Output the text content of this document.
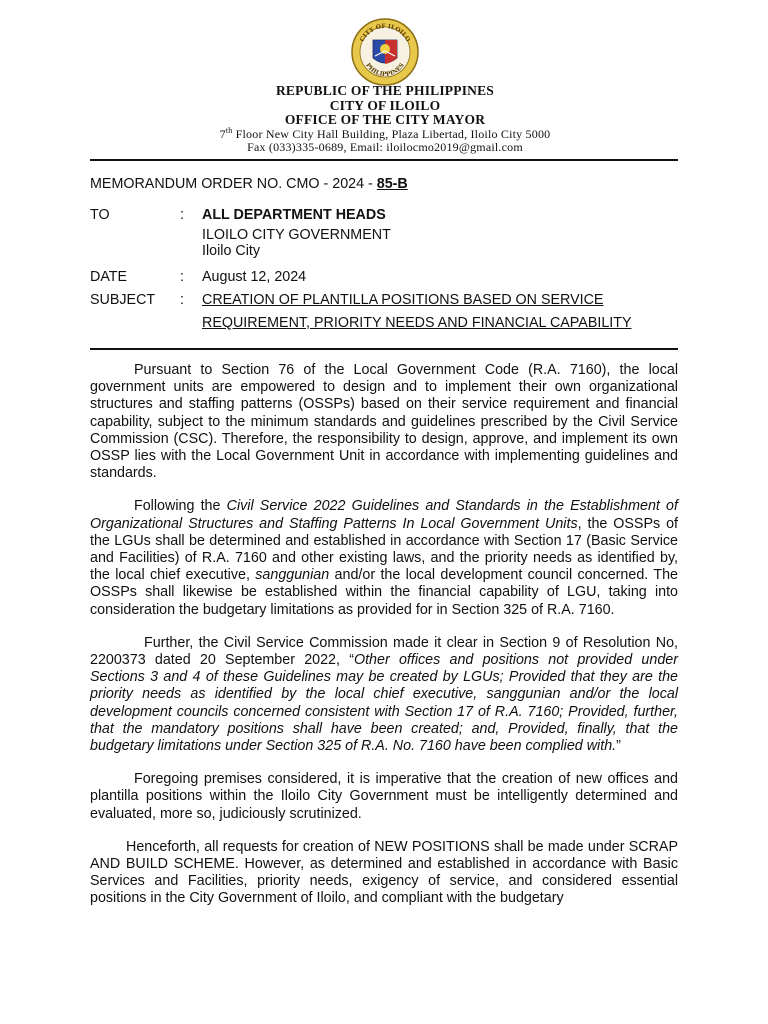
CITY OF ILOILO
PHILIPPINES
REPUBLIC OF THE PHILIPPINES
CITY OF ILOILO
OFFICE OF THE CITY MAYOR
7th Floor New City Hall Building, Plaza Libertad, Iloilo City 5000
Fax (033)335-0689, Email: iloilocmo2019@gmail.com
MEMORANDUM ORDER NO. CMO - 2024 - 85-B
TO	: ALL DEPARTMENT HEADS
ILOILO CITY GOVERNMENT
Iloilo City
DATE	: August 12, 2024
SUBJECT : CREATION OF PLANTILLA POSITIONS BASED ON SERVICE
REQUIREMENT, PRIORITY NEEDS AND FINANCIAL CAPABILITY

Pursuant to Section 76 of the Local Government Code (R.A. 7160), the local government units are empowered to design and to implement their own organizational structures and staffing patterns (OSSPs) based on their service requirement and financial capability, subject to the minimum standards and guidelines prescribed by the Civil Service Commission (CSC). Therefore, the responsibility to design, approve, and implement its own OSSP lies with the Local Government Unit in accordance with implementing guidelines and standards.

Following the Civil Service 2022 Guidelines and Standards in the Establishment of Organizational Structures and Staffing Patterns In Local Government Units, the OSSPs of the LGUs shall be determined and established in accordance with Section 17 (Basic Service and Facilities) of R.A. 7160 and other existing laws, and the priority needs as identified by, the local chief executive, sanggunian and/or the local development council concerned. The OSSPs shall likewise be established within the financial capability of LGU, taking into consideration the budgetary limitations as provided for in Section 325 of R.A. 7160.

Further, the Civil Service Commission made it clear in Section 9 of Resolution No, 2200373 dated 20 September 2022, “Other offices and positions not provided under Sections 3 and 4 of these Guidelines may be created by LGUs; Provided that they are the priority needs as identified by the local chief executive, sanggunian and/or the local development councils concerned consistent with Section 17 of R.A. 7160; Provided, further, that the mandatory positions shall have been created; and, Provided, finally, that the budgetary limitations under Section 325 of R.A. No. 7160 have been complied with.”

Foregoing premises considered, it is imperative that the creation of new offices and plantilla positions within the Iloilo City Government must be intelligently determined and evaluated, more so, judiciously scrutinized.

Henceforth, all requests for creation of NEW POSITIONS shall be made under SCRAP AND BUILD SCHEME. However, as determined and established in accordance with Basic Services and Facilities, priority needs, exigency of service, and considered essential positions in the City Government of Iloilo, and compliant with the budgetary
